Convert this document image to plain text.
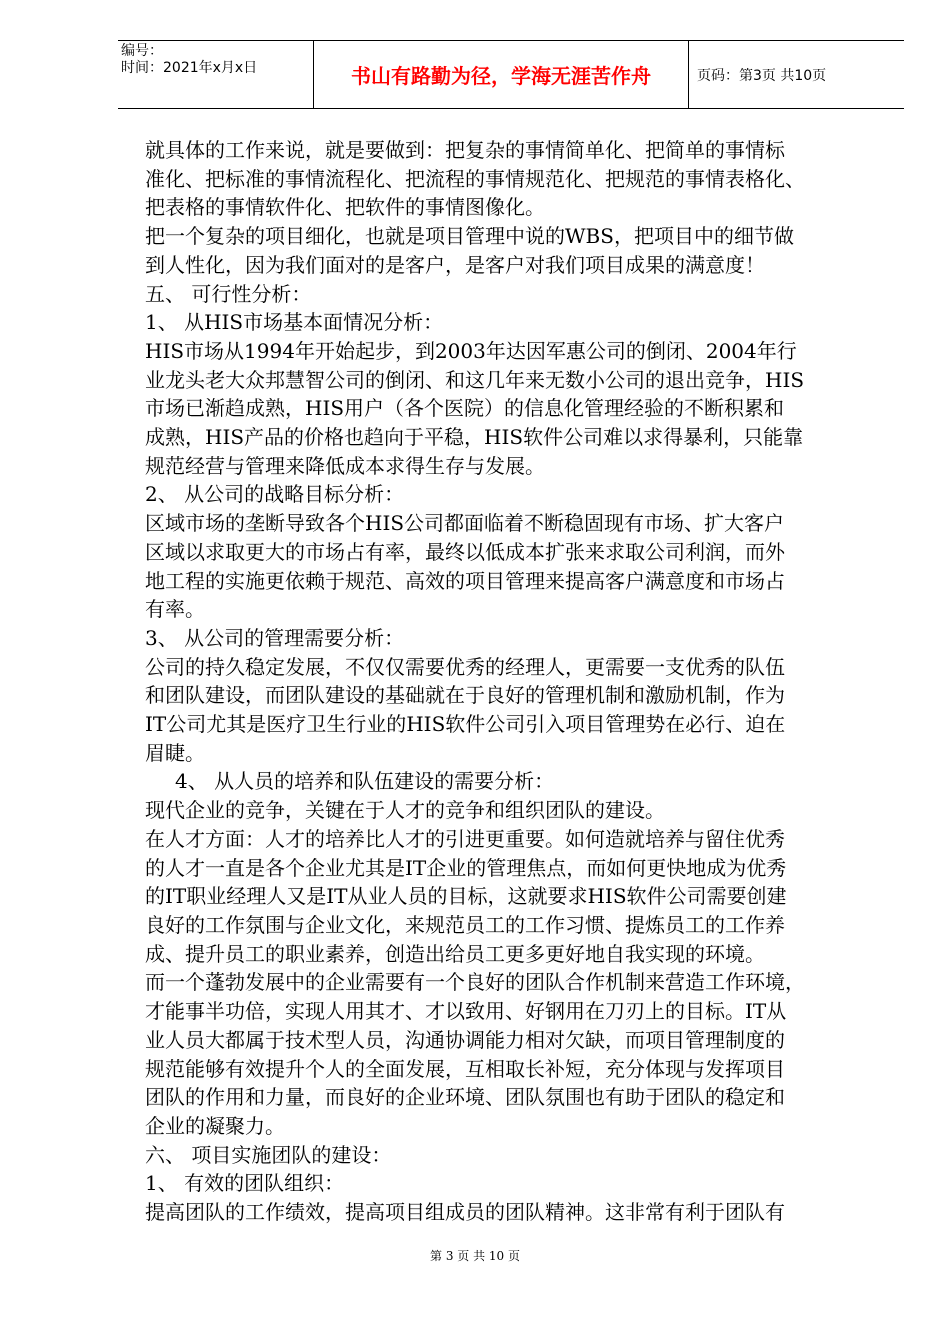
编号：
时间：2021年x月x日	书山有路勤为径，学海无涯苦作舟	页码：第3页 共10页

就具体的工作来说，就是要做到：把复杂的事情简单化、把简单的事情标

准化、把标准的事情流程化、把流程的事情规范化、把规范的事情表格化、

把表格的事情软件化、把软件的事情图像化。

把一个复杂的项目细化，也就是项目管理中说的WBS，把项目中的细节做

到人性化，因为我们面对的是客户，是客户对我们项目成果的满意度！

五、 可行性分析：

1、 从HIS市场基本面情况分析：

HIS市场从1994年开始起步，到2003年达因军惠公司的倒闭、2004年行

业龙头老大众邦慧智公司的倒闭、和这几年来无数小公司的退出竞争，HIS

市场已渐趋成熟，HIS用户（各个医院）的信息化管理经验的不断积累和

成熟，HIS产品的价格也趋向于平稳，HIS软件公司难以求得暴利，只能靠

规范经营与管理来降低成本求得生存与发展。

2、 从公司的战略目标分析：

区域市场的垄断导致各个HIS公司都面临着不断稳固现有市场、扩大客户

区域以求取更大的市场占有率，最终以低成本扩张来求取公司利润，而外

地工程的实施更依赖于规范、高效的项目管理来提高客户满意度和市场占

有率。

3、 从公司的管理需要分析：

公司的持久稳定发展，不仅仅需要优秀的经理人，更需要一支优秀的队伍

和团队建设，而团队建设的基础就在于良好的管理机制和激励机制，作为

IT公司尤其是医疗卫生行业的HIS软件公司引入项目管理势在必行、迫在

眉睫。

4、 从人员的培养和队伍建设的需要分析：

现代企业的竞争，关键在于人才的竞争和组织团队的建设。

在人才方面：人才的培养比人才的引进更重要。如何造就培养与留住优秀

的人才一直是各个企业尤其是IT企业的管理焦点，而如何更快地成为优秀

的IT职业经理人又是IT从业人员的目标，这就要求HIS软件公司需要创建

良好的工作氛围与企业文化，来规范员工的工作习惯、提炼员工的工作养

成、提升员工的职业素养，创造出给员工更多更好地自我实现的环境。

而一个蓬勃发展中的企业需要有一个良好的团队合作机制来营造工作环境，

才能事半功倍，实现人用其才、才以致用、好钢用在刀刃上的目标。IT从

业人员大都属于技术型人员，沟通协调能力相对欠缺，而项目管理制度的

规范能够有效提升个人的全面发展，互相取长补短，充分体现与发挥项目

团队的作用和力量，而良好的企业环境、团队氛围也有助于团队的稳定和

企业的凝聚力。

六、 项目实施团队的建设：

1、 有效的团队组织：

提高团队的工作绩效，提高项目组成员的团队精神。这非常有利于团队有

第 3 页 共 10 页
